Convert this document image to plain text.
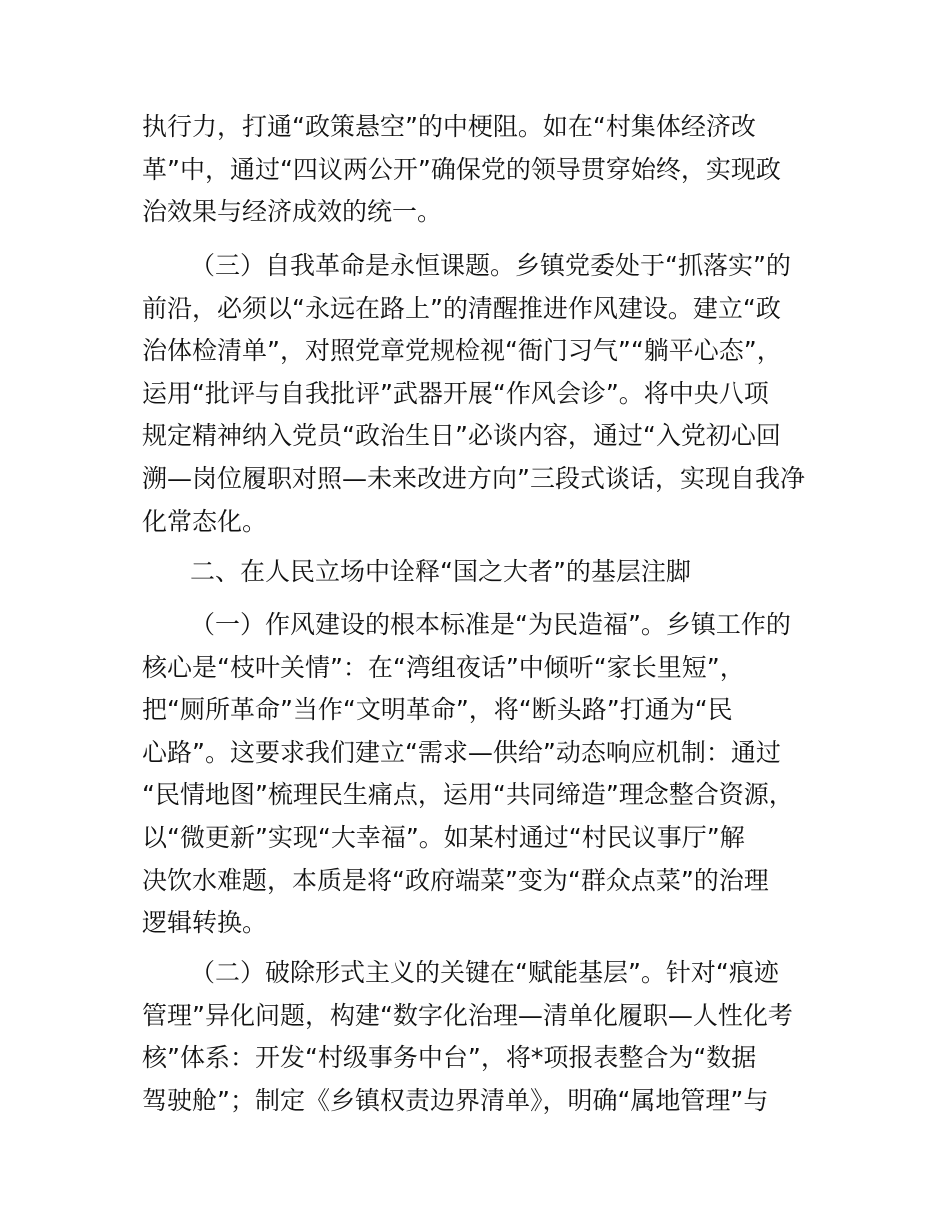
执行力，打通“政策悬空”的中梗阻。如在“村集体经济改
革”中，通过“四议两公开”确保党的领导贯穿始终，实现政
治效果与经济成效的统一。

（三）自我革命是永恒课题。乡镇党委处于“抓落实”的
前沿，必须以“永远在路上”的清醒推进作风建设。建立“政
治体检清单”，对照党章党规检视“衙门习气”“躺平心态”，
运用“批评与自我批评”武器开展“作风会诊”。将中央八项
规定精神纳入党员“政治生日”必谈内容，通过“入党初心回
溯—岗位履职对照—未来改进方向”三段式谈话，实现自我净
化常态化。

二、在人民立场中诠释“国之大者”的基层注脚

（一）作风建设的根本标准是“为民造福”。乡镇工作的
核心是“枝叶关情”：在“湾组夜话”中倾听“家长里短”，
把“厕所革命”当作“文明革命”，将“断头路”打通为“民
心路”。这要求我们建立“需求—供给”动态响应机制：通过
“民情地图”梳理民生痛点，运用“共同缔造”理念整合资源，
以“微更新”实现“大幸福”。如某村通过“村民议事厅”解
决饮水难题，本质是将“政府端菜”变为“群众点菜”的治理
逻辑转换。

（二）破除形式主义的关键在“赋能基层”。针对“痕迹
管理”异化问题，构建“数字化治理—清单化履职—人性化考
核”体系：开发“村级事务中台”，将*项报表整合为“数据
驾驶舱”；制定《乡镇权责边界清单》，明确“属地管理”与
